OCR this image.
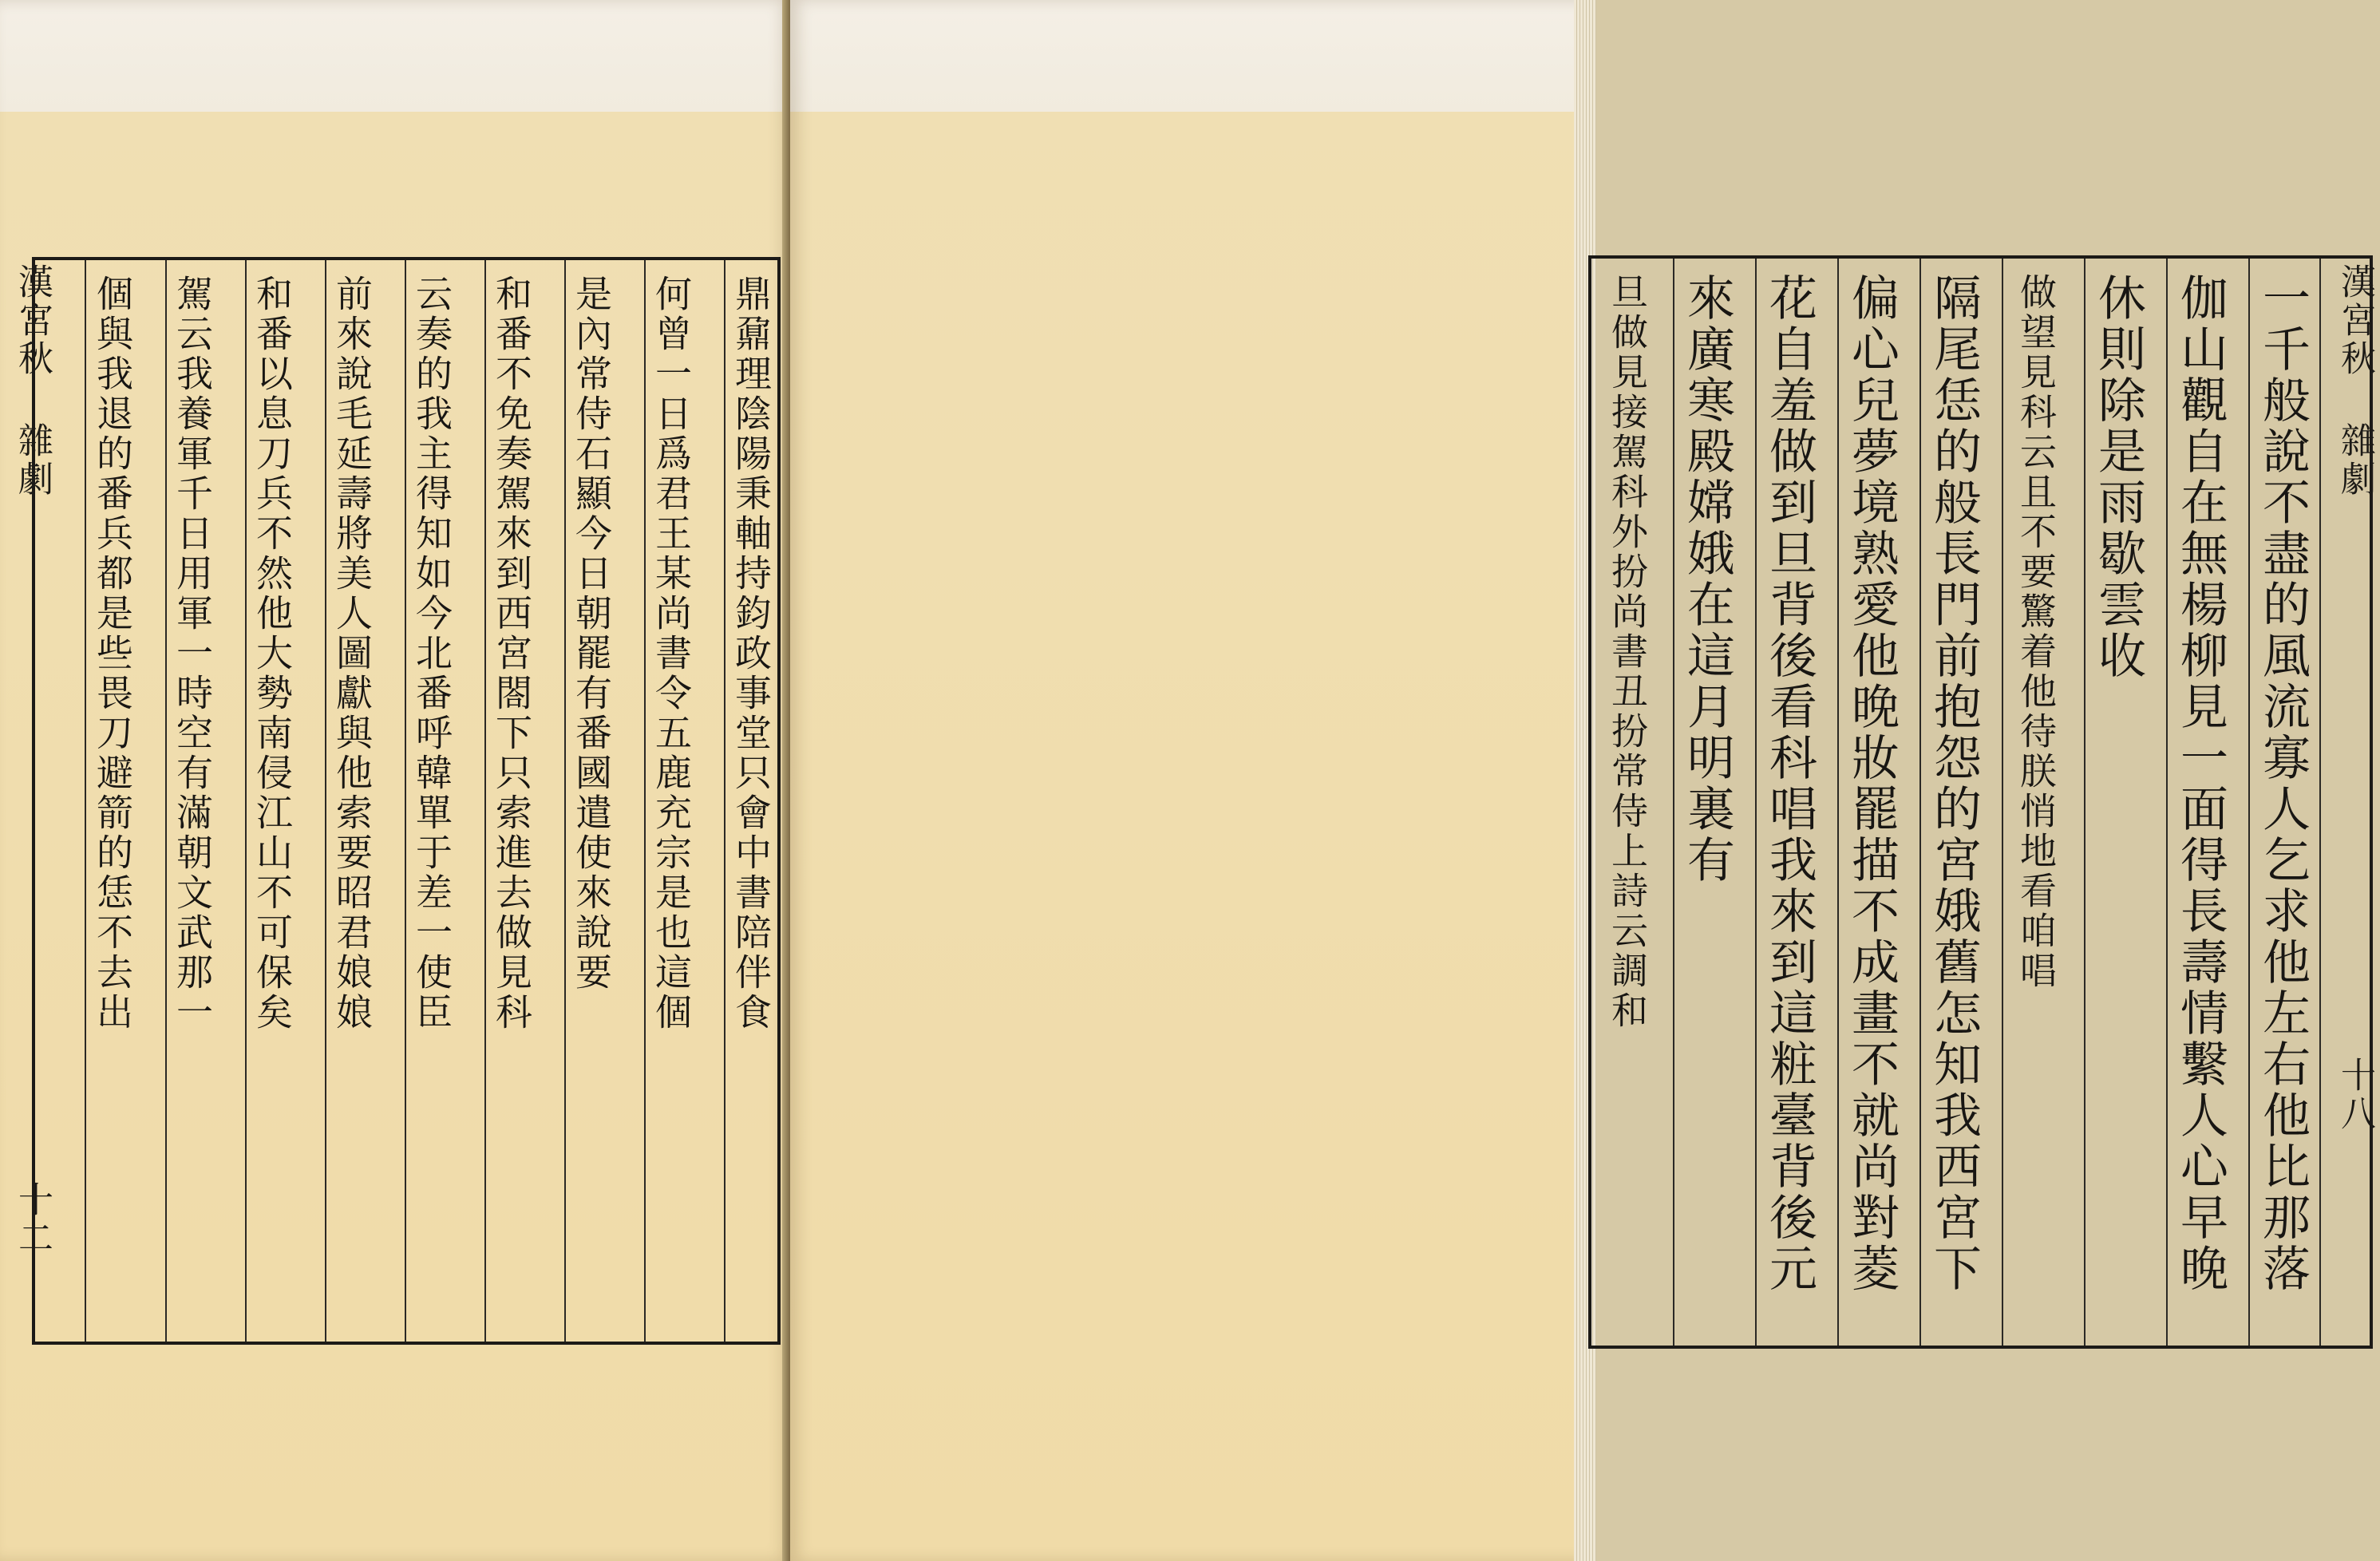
漢宮秋 雜劇
十二
鼎鼐理陰陽秉軸持鈞政事堂只會中書陪伴食
何曾一日爲君王某尚書令五鹿充宗是也這個
是內常侍石顯今日朝罷有番國遣使來說要
和番不免奏駕來到西宮閤下只索進去做見科
云奏的我主得知如今北番呼韓單于差一使臣
前來說毛延壽將美人圖獻與他索要昭君娘娘
和番以息刀兵不然他大勢南侵江山不可保矣
駕云我養軍千日用軍一時空有滿朝文武那一
個與我退的番兵都是些畏刀避箭的恁不去出	漢宮秋 雜劇
十八
一千般說不盡的風流寡人乞求他左右他比那落
伽山觀自在無楊柳見一面得長壽情繫人心早晚
休則除是雨歇雲收
做望見科云且不要驚着他待朕悄地看咱唱
隔尾恁的般長門前抱怨的宮娥舊怎知我西宮下
偏心兒夢境熟愛他晚妝罷描不成畫不就尚對菱
花自羞做到旦背後看科唱我來到這粧臺背後元
來廣寒殿嫦娥在這月明裏有
旦做見接駕科外扮尚書丑扮常侍上詩云調和
